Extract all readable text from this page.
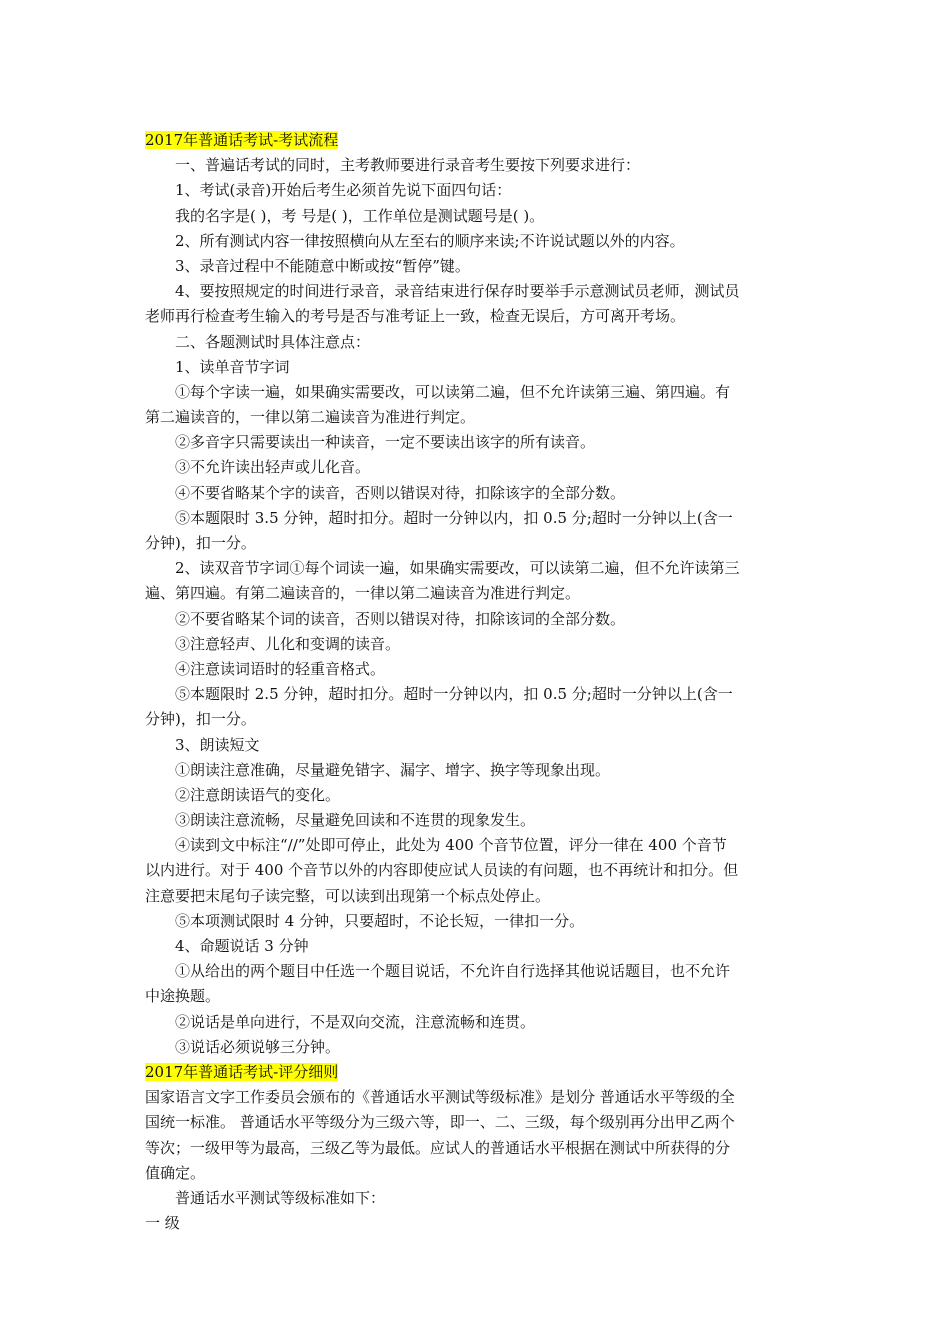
2017年普通话考试-考试流程
一、普遍话考试的同时，主考教师要进行录音考生要按下列要求进行：
1、考试(录音)开始后考生必须首先说下面四句话：
我的名字是( )，考 号是( )，工作单位是测试题号是( )。
2、所有测试内容一律按照横向从左至右的顺序来读;不许说试题以外的内容。
3、录音过程中不能随意中断或按“暂停”键。
4、要按照规定的时间进行录音，录音结束进行保存时要举手示意测试员老师，测试员
老师再行检查考生输入的考号是否与准考证上一致，检查无误后，方可离开考场。
二、各题测试时具体注意点：
1、读单音节字词
①每个字读一遍，如果确实需要改，可以读第二遍，但不允许读第三遍、第四遍。有
第二遍读音的，一律以第二遍读音为准进行判定。
②多音字只需要读出一种读音，一定不要读出该字的所有读音。
③不允许读出轻声或儿化音。
④不要省略某个字的读音，否则以错误对待，扣除该字的全部分数。
⑤本题限时 3.5 分钟，超时扣分。超时一分钟以内，扣 0.5 分;超时一分钟以上(含一
分钟)，扣一分。
2、读双音节字词①每个词读一遍，如果确实需要改，可以读第二遍，但不允许读第三
遍、第四遍。有第二遍读音的，一律以第二遍读音为准进行判定。
②不要省略某个词的读音，否则以错误对待，扣除该词的全部分数。
③注意轻声、儿化和变调的读音。
④注意读词语时的轻重音格式。
⑤本题限时 2.5 分钟，超时扣分。超时一分钟以内，扣 0.5 分;超时一分钟以上(含一
分钟)，扣一分。
3、朗读短文
①朗读注意准确，尽量避免错字、漏字、增字、换字等现象出现。
②注意朗读语气的变化。
③朗读注意流畅，尽量避免回读和不连贯的现象发生。
④读到文中标注“//”处即可停止，此处为 400 个音节位置，评分一律在 400 个音节
以内进行。对于 400 个音节以外的内容即使应试人员读的有问题，也不再统计和扣分。但
注意要把末尾句子读完整，可以读到出现第一个标点处停止。
⑤本项测试限时 4 分钟，只要超时，不论长短，一律扣一分。
4、命题说话 3 分钟
①从给出的两个题目中任选一个题目说话，不允许自行选择其他说话题目，也不允许
中途换题。
②说话是单向进行，不是双向交流，注意流畅和连贯。
③说话必须说够三分钟。
2017年普通话考试-评分细则
国家语言文字工作委员会颁布的《普通话水平测试等级标准》是划分 普通话水平等级的全
国统一标准。 普通话水平等级分为三级六等，即一、二、三级，每个级别再分出甲乙两个
等次；一级甲等为最高，三级乙等为最低。应试人的普通话水平根据在测试中所获得的分
值确定。
普通话水平测试等级标准如下：
一 级
